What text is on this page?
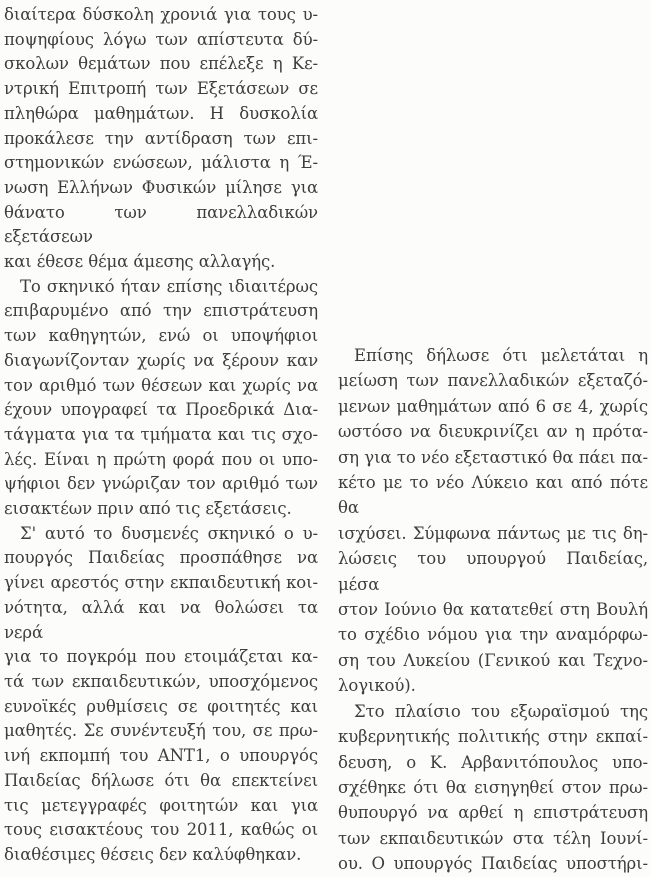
διαίτερα δύσκολη χρονιά για τους υ-
ποψηφίους λόγω των απίστευτα δύ-
σκολων θεμάτων που επέλεξε η Κε-
ντρική Επιτροπή των Εξετάσεων σε
πληθώρα μαθημάτων. Η δυσκολία
προκάλεσε την αντίδραση των επι-
στημονικών ενώσεων, μάλιστα η Έ-
νωση Ελλήνων Φυσικών μίλησε για
θάνατο των πανελλαδικών εξετάσεων
και έθεσε θέμα άμεσης αλλαγής.
Το σκηνικό ήταν επίσης ιδιαιτέρως
επιβαρυμένο από την επιστράτευση
των καθηγητών, ενώ οι υποψήφιοι
διαγωνίζονταν χωρίς να ξέρουν καν
τον αριθμό των θέσεων και χωρίς να
έχουν υπογραφεί τα Προεδρικά Δια-
τάγματα για τα τμήματα και τις σχο-
λές. Είναι η πρώτη φορά που οι υπο-
ψήφιοι δεν γνώριζαν τον αριθμό των
εισακτέων πριν από τις εξετάσεις.
Σ' αυτό το δυσμενές σκηνικό ο υ-
πουργός Παιδείας προσπάθησε να
γίνει αρεστός στην εκπαιδευτική κοι-
νότητα, αλλά και να θολώσει τα νερά
για το πογκρόμ που ετοιμάζεται κα-
τά των εκπαιδευτικών, υποσχόμενος
ευνοϊκές ρυθμίσεις σε φοιτητές και
μαθητές. Σε συνέντευξή του, σε πρω-
ινή εκπομπή του ΑΝΤ1, ο υπουργός
Παιδείας δήλωσε ότι θα επεκτείνει
τις μετεγγραφές φοιτητών και για
τους εισακτέους του 2011, καθώς οι
διαθέσιμες θέσεις δεν καλύφθηκαν.
Επίσης δήλωσε ότι μελετάται η
μείωση των πανελλαδικών εξεταζό-
μενων μαθημάτων από 6 σε 4, χωρίς
ωστόσο να διευκρινίζει αν η πρότα-
ση για το νέο εξεταστικό θα πάει πα-
κέτο με το νέο Λύκειο και από πότε θα
ισχύσει. Σύμφωνα πάντως με τις δη-
λώσεις του υπουργού Παιδείας, μέσα
στον Ιούνιο θα κατατεθεί στη Βουλή
το σχέδιο νόμου για την αναμόρφω-
ση του Λυκείου (Γενικού και Τεχνο-
λογικού).
Στο πλαίσιο του εξωραϊσμού της
κυβερνητικής πολιτικής στην εκπαί-
δευση, ο Κ. Αρβανιτόπουλος υπο-
σχέθηκε ότι θα εισηγηθεί στον πρω-
θυπουργό να αρθεί η επιστράτευση
των εκπαιδευτικών στα τέλη Ιουνί-
ου. Ο υπουργός Παιδείας υποστήρι-
